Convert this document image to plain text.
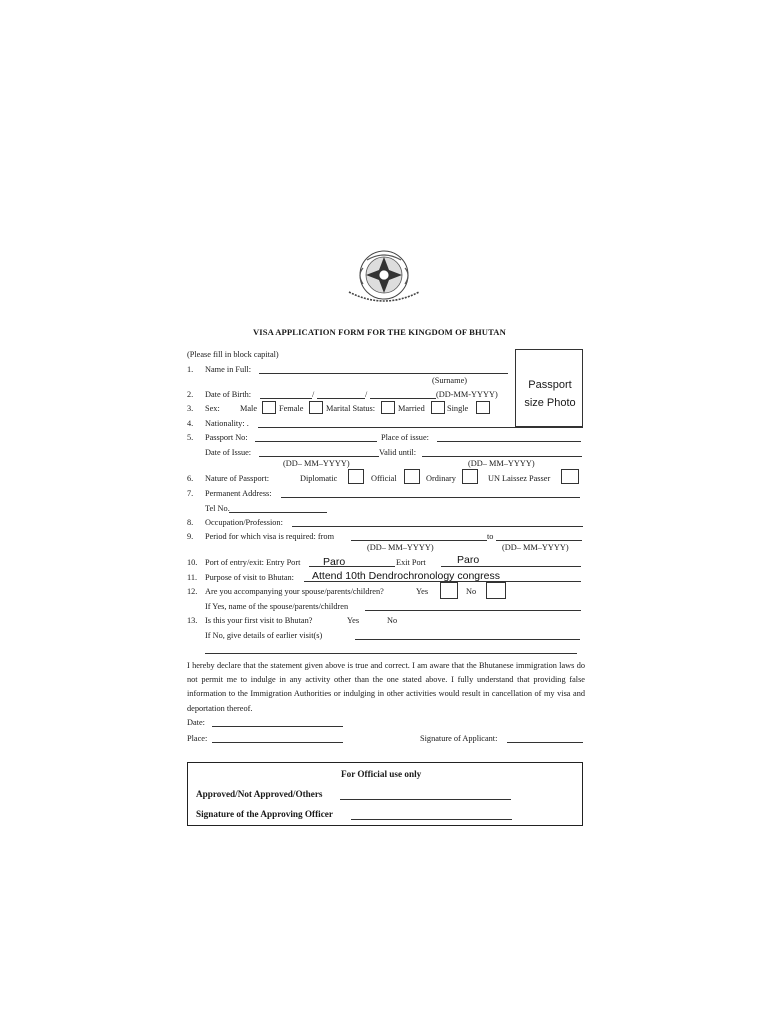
VISA APPLICATION FORM FOR THE KINGDOM OF BHUTAN
(Please fill in block capital)
Passport
size Photo
1. Name in Full:
(Surname)
2. Date of Birth:	/	/	(DD-MM-YYYY)
3. Sex: Male	Female	Marital Status:	Married	Single
4. Nationality: .
5. Passport No:	Place of issue:
Date of Issue:	Valid until:
(DD– MM–YYYY)	(DD– MM–YYYY)
6. Nature of Passport:	Diplomatic	Official	Ordinary	UN Laissez Passer
7. Permanent Address:
Tel No.
8. Occupation/Profession:
9. Period for which visa is required: from	to
(DD– MM–YYYY)	(DD– MM–YYYY)
10. Port of entry/exit: Entry Port Paro	Exit Port	Paro
11. Purpose of visit to Bhutan: Attend 10th Dendrochronology congress
12. Are you accompanying your spouse/parents/children?	Yes	No
If Yes, name of the spouse/parents/children
13. Is this your first visit to Bhutan?	Yes	No
If No, give details of earlier visit(s)
I hereby declare that the statement given above is true and correct. I am aware that the Bhutanese immigration laws do not permit me to indulge in any activity other than the one stated above. I fully understand that providing false information to the Immigration Authorities or indulging in other activities would result in cancellation of my visa and deportation thereof.
Date:
Place:	Signature of Applicant:
For Official use only
Approved/Not Approved/Others
Signature of the Approving Officer
